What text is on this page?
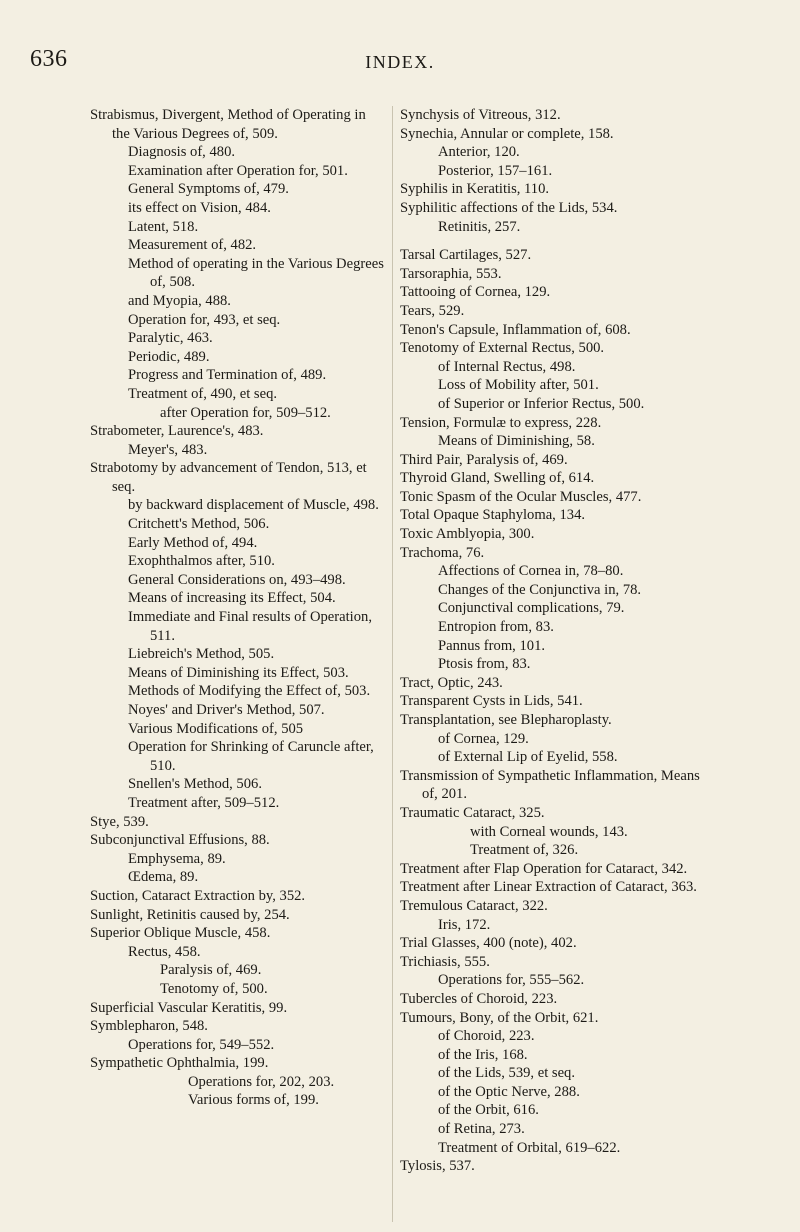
636	INDEX.
Strabismus, Divergent, Method of Operating in the Various Degrees of, 509.
Diagnosis of, 480.
Examination after Operation for, 501.
General Symptoms of, 479.
its effect on Vision, 484.
Latent, 518.
Measurement of, 482.
Method of operating in the Various Degrees of, 508.
and Myopia, 488.
Operation for, 493, et seq.
Paralytic, 463.
Periodic, 489.
Progress and Termination of, 489.
Treatment of, 490, et seq.
after Operation for, 509–512.
Strabometer, Laurence's, 483.
Meyer's, 483.
Strabotomy by advancement of Tendon, 513, et seq.
by backward displacement of Muscle, 498.
Critchett's Method, 506.
Early Method of, 494.
Exophthalmos after, 510.
General Considerations on, 493–498.
Means of increasing its Effect, 504.
Immediate and Final results of Operation, 511.
Liebreich's Method, 505.
Means of Diminishing its Effect, 503.
Methods of Modifying the Effect of, 503.
Noyes' and Driver's Method, 507.
Various Modifications of, 505
Operation for Shrinking of Caruncle after, 510.
Snellen's Method, 506.
Treatment after, 509–512.
Stye, 539.
Subconjunctival Effusions, 88.
Emphysema, 89.
Œdema, 89.
Suction, Cataract Extraction by, 352.
Sunlight, Retinitis caused by, 254.
Superior Oblique Muscle, 458.
Rectus, 458.
Paralysis of, 469.
Tenotomy of, 500.
Superficial Vascular Keratitis, 99.
Symblepharon, 548.
Operations for, 549–552.
Sympathetic Ophthalmia, 199.
Operations for, 202, 203.
Various forms of, 199.
Synchysis of Vitreous, 312.
Synechia, Annular or complete, 158.
Anterior, 120.
Posterior, 157–161.
Syphilis in Keratitis, 110.
Syphilitic affections of the Lids, 534.
Retinitis, 257.
Tarsal Cartilages, 527.
Tarsoraphia, 553.
Tattooing of Cornea, 129.
Tears, 529.
Tenon's Capsule, Inflammation of, 608.
Tenotomy of External Rectus, 500.
of Internal Rectus, 498.
Loss of Mobility after, 501.
of Superior or Inferior Rectus, 500.
Tension, Formulæ to express, 228.
Means of Diminishing, 58.
Third Pair, Paralysis of, 469.
Thyroid Gland, Swelling of, 614.
Tonic Spasm of the Ocular Muscles, 477.
Total Opaque Staphyloma, 134.
Toxic Amblyopia, 300.
Trachoma, 76.
Affections of Cornea in, 78–80.
Changes of the Conjunctiva in, 78.
Conjunctival complications, 79.
Entropion from, 83.
Pannus from, 101.
Ptosis from, 83.
Tract, Optic, 243.
Transparent Cysts in Lids, 541.
Transplantation, see Blepharoplasty.
of Cornea, 129.
of External Lip of Eyelid, 558.
Transmission of Sympathetic Inflammation, Means of, 201.
Traumatic Cataract, 325.
with Corneal wounds, 143.
Treatment of, 326.
Treatment after Flap Operation for Cataract, 342.
Treatment after Linear Extraction of Cataract, 363.
Tremulous Cataract, 322.
Iris, 172.
Trial Glasses, 400 (note), 402.
Trichiasis, 555.
Operations for, 555–562.
Tubercles of Choroid, 223.
Tumours, Bony, of the Orbit, 621.
of Choroid, 223.
of the Iris, 168.
of the Lids, 539, et seq.
of the Optic Nerve, 288.
of the Orbit, 616.
of Retina, 273.
Treatment of Orbital, 619–622.
Tylosis, 537.
